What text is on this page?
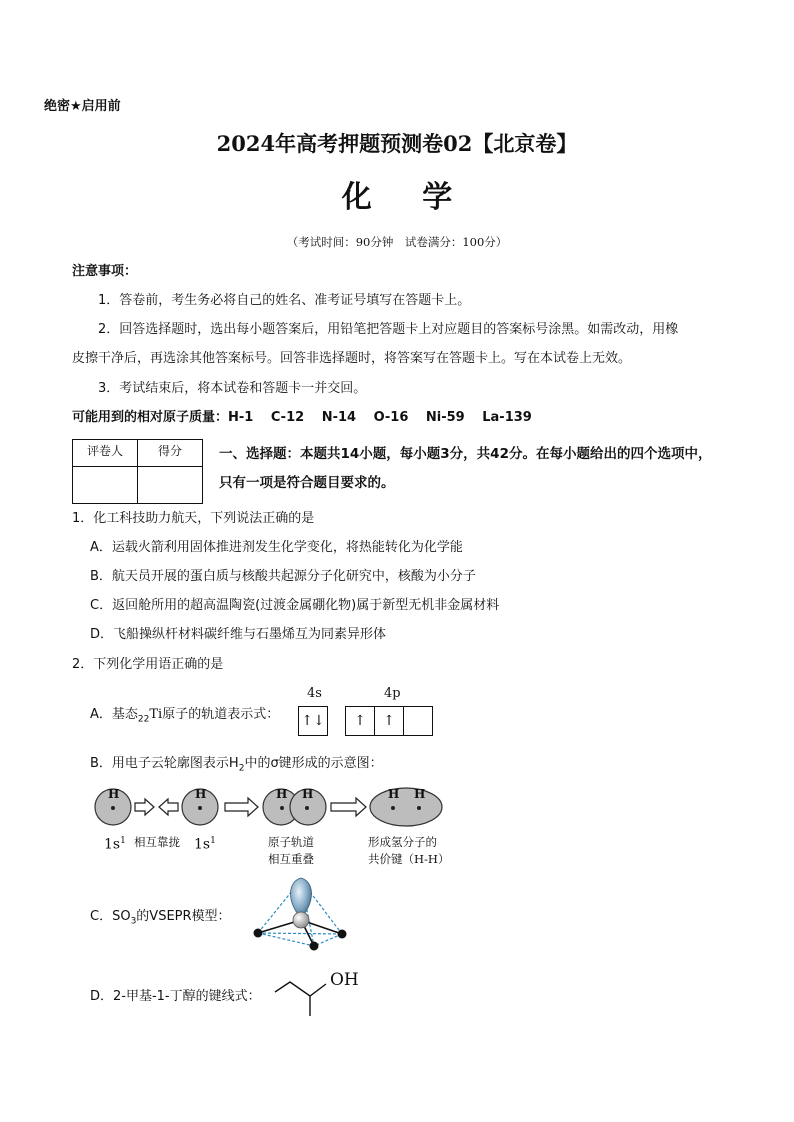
绝密★启用前
2024年高考押题预测卷02【北京卷】
化 学
（考试时间：90分钟　试卷满分：100分）
注意事项：
1．答卷前，考生务必将自己的姓名、准考证号填写在答题卡上。
2．回答选择题时，选出每小题答案后，用铅笔把答题卡上对应题目的答案标号涂黑。如需改动，用橡
皮擦干净后，再选涂其他答案标号。回答非选择题时，将答案写在答题卡上。写在本试卷上无效。
3．考试结束后，将本试卷和答题卡一并交回。
可能用到的相对原子质量：H-1　 C-12　 N-14　 O-16　 Ni-59　 La-139
评卷人	得分
		一、选择题：本题共14小题，每小题3分，共42分。在每小题给出的四个选项中，
只有一项是符合题目要求的。
1．化工科技助力航天，下列说法正确的是
A．运载火箭利用固体推进剂发生化学变化，将热能转化为化学能
B．航天员开展的蛋白质与核酸共起源分子化研究中，核酸为小分子
C．返回舱所用的超高温陶瓷(过渡金属硼化物)属于新型无机非金属材料
D．飞船操纵杆材料碳纤维与石墨烯互为同素异形体
2．下列化学用语正确的是
A．基态$_{22}$Ti原子的轨道表示式：
4s	4p
↑↓ ↑	↑	
B．用电子云轮廓图表示$H_2$中的σ键形成的示意图：
H	H	H H	H H
$1s^1$ 相互靠拢 $1s^1$	原子轨道
相互重叠
形成氢分子的
共价键（H-H）
C．$SO_3$的VSEPR模型：
D．2-甲基-1-丁醇的键线式：
OH
